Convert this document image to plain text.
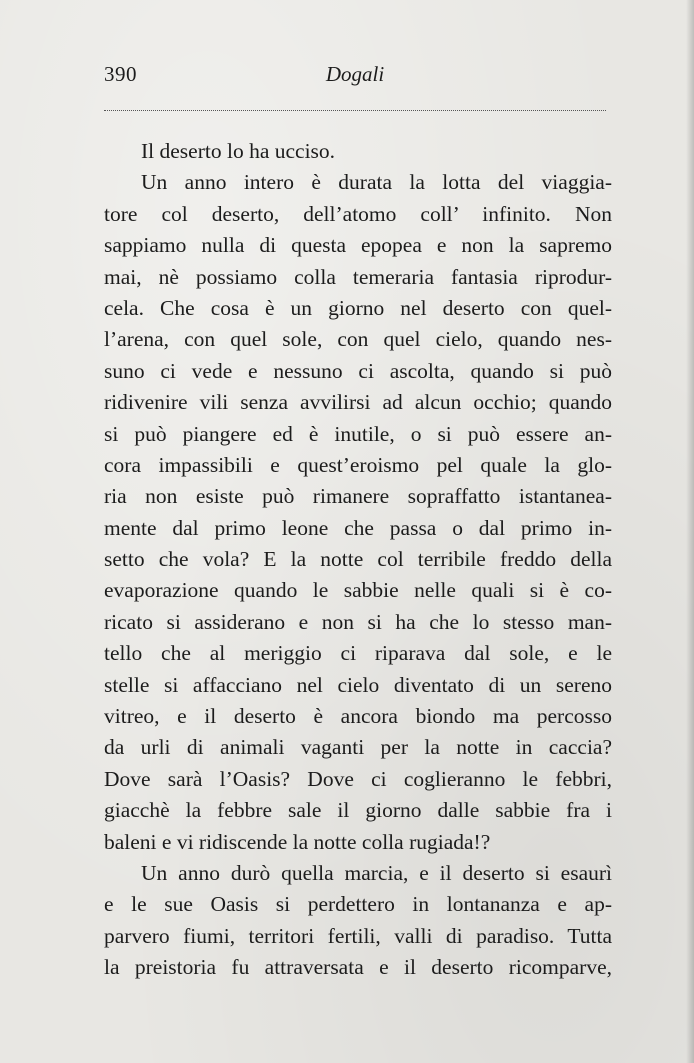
390	Dogali
Il deserto lo ha ucciso.
Un anno intero è durata la lotta del viaggia-
tore col deserto, dell’atomo coll’ infinito. Non
sappiamo nulla di questa epopea e non la sapremo
mai, nè possiamo colla temeraria fantasia riprodur-
cela. Che cosa è un giorno nel deserto con quel-
l’arena, con quel sole, con quel cielo, quando nes-
suno ci vede e nessuno ci ascolta, quando si può
ridivenire vili senza avvilirsi ad alcun occhio; quando
si può piangere ed è inutile, o si può essere an-
cora impassibili e quest’eroismo pel quale la glo-
ria non esiste può rimanere sopraffatto istantanea-
mente dal primo leone che passa o dal primo in-
setto che vola? E la notte col terribile freddo della
evaporazione quando le sabbie nelle quali si è co-
ricato si assiderano e non si ha che lo stesso man-
tello che al meriggio ci riparava dal sole, e le
stelle si affacciano nel cielo diventato di un sereno
vitreo, e il deserto è ancora biondo ma percosso
da urli di animali vaganti per la notte in caccia?
Dove sarà l’Oasis? Dove ci coglieranno le febbri,
giacchè la febbre sale il giorno dalle sabbie fra i
baleni e vi ridiscende la notte colla rugiada!?
Un anno durò quella marcia, e il deserto si esaurì
e le sue Oasis si perdettero in lontananza e ap-
parvero fiumi, territori fertili, valli di paradiso. Tutta
la preistoria fu attraversata e il deserto ricomparve,
